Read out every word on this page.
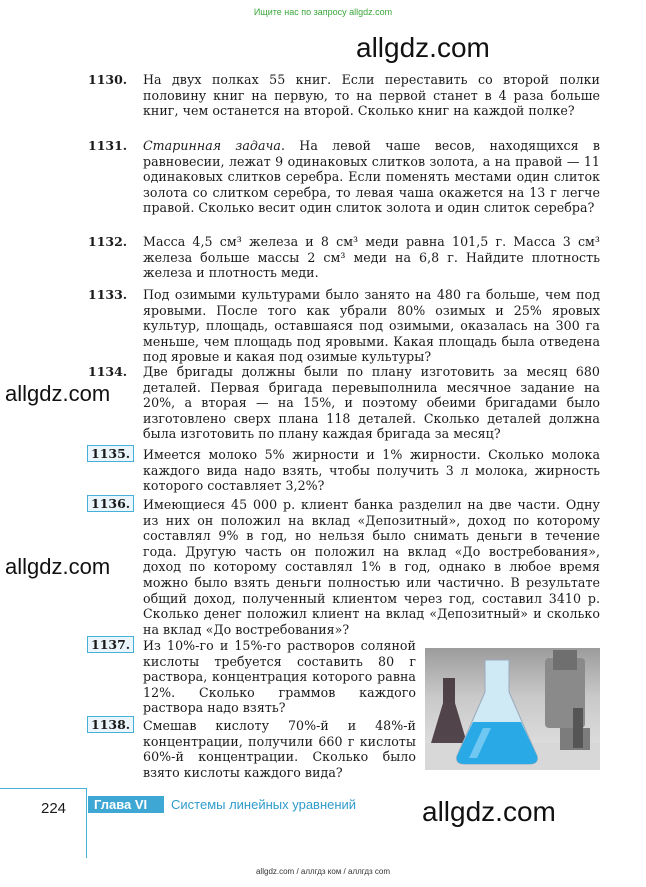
Ищите нас по запросу allgdz.com
allgdz.com
allgdz.com
allgdz.com
allgdz.com
1130. На двух полках 55 книг. Если переставить со второй полки половину книг на первую, то на первой станет в 4 раза больше книг, чем останется на второй. Сколько книг на каждой полке?
1131. Старинная задача. На левой чаше весов, находящихся в равновесии, лежат 9 одинаковых слитков золота, а на правой — 11 одинаковых слитков серебра. Если поменять местами один слиток золота со слитком серебра, то левая чаша окажется на 13 г легче правой. Сколько весит один слиток золота и один слиток серебра?
1132. Масса 4,5 см³ железа и 8 см³ меди равна 101,5 г. Масса 3 см³ железа больше массы 2 см³ меди на 6,8 г. Найдите плотность железа и плотность меди.
1133. Под озимыми культурами было занято на 480 га больше, чем под яровыми. После того как убрали 80% озимых и 25% яровых культур, площадь, оставшаяся под озимыми, оказалась на 300 га меньше, чем площадь под яровыми. Какая площадь была отведена под яровые и какая под озимые культуры?
1134. Две бригады должны были по плану изготовить за месяц 680 деталей. Первая бригада перевыполнила месячное задание на 20%, а вторая — на 15%, и поэтому обеими бригадами было изготовлено сверх плана 118 деталей. Сколько деталей должна была изготовить по плану каждая бригада за месяц?
1135.	Имеется молоко 5% жирности и 1% жирности. Сколько молока каждого вида надо взять, чтобы получить 3 л молока, жирность которого составляет 3,2%?
1136.	Имеющиеся 45 000 р. клиент банка разделил на две части. Одну из них он положил на вклад «Депозитный», доход по которому составлял 9% в год, но нельзя было снимать деньги в течение года. Другую часть он положил на вклад «До востребования», доход по которому составлял 1% в год, однако в любое время можно было взять деньги полностью или частично. В результате общий доход, полученный клиентом через год, составил 3410 р. Сколько денег положил клиент на вклад «Депозитный» и сколько на вклад «До востребования»?
1137.	Из 10%-го и 15%-го растворов соляной кислоты требуется составить 80 г раствора, концентрация которого равна 12%. Сколько граммов каждого раствора надо взять?
1138.	Смешав кислоту 70%-й и 48%-й концентрации, получили 660 г кислоты 60%-й концентрации. Сколько было взято кислоты каждого вида?
224	Глава VI	Системы линейных уравнений
allgdz.com / аллгдз ком / аллгдз com
